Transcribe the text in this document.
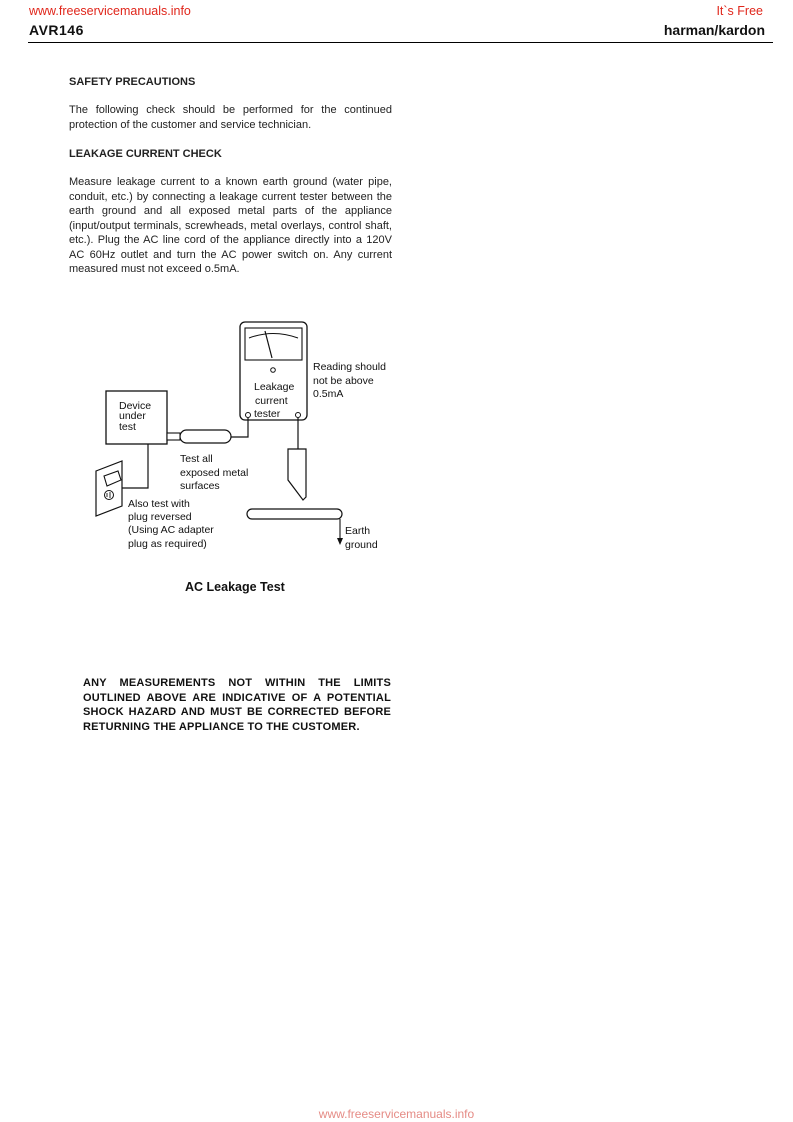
www.freeservicemanuals.info	It`s Free
AVR146	harman/kardon
SAFETY PRECAUTIONS
The following check should be performed for the continued protection of the customer and service technician.
LEAKAGE CURRENT CHECK
Measure leakage current to a known earth ground (water pipe, conduit, etc.) by connecting a leakage current tester between the earth ground and all exposed metal parts of the appliance (input/output terminals, screwheads, metal overlays, control shaft, etc.). Plug the AC line cord of the appliance directly into a 120V AC 60Hz outlet and turn the AC power switch on. Any current measured must not exceed o.5mA.
Leakage
current
tester
Reading should
not be above
0.5mA
Device
under
test
Test all
exposed metal
surfaces
Also test with
plug reversed
(Using AC adapter
plug as required)
Earth
ground
AC Leakage Test
ANY MEASUREMENTS NOT WITHIN THE LIMITS OUTLINED ABOVE ARE INDICATIVE OF A POTENTIAL SHOCK HAZARD AND MUST BE CORRECTED BEFORE RETURNING THE APPLIANCE TO THE CUSTOMER.
www.freeservicemanuals.info
